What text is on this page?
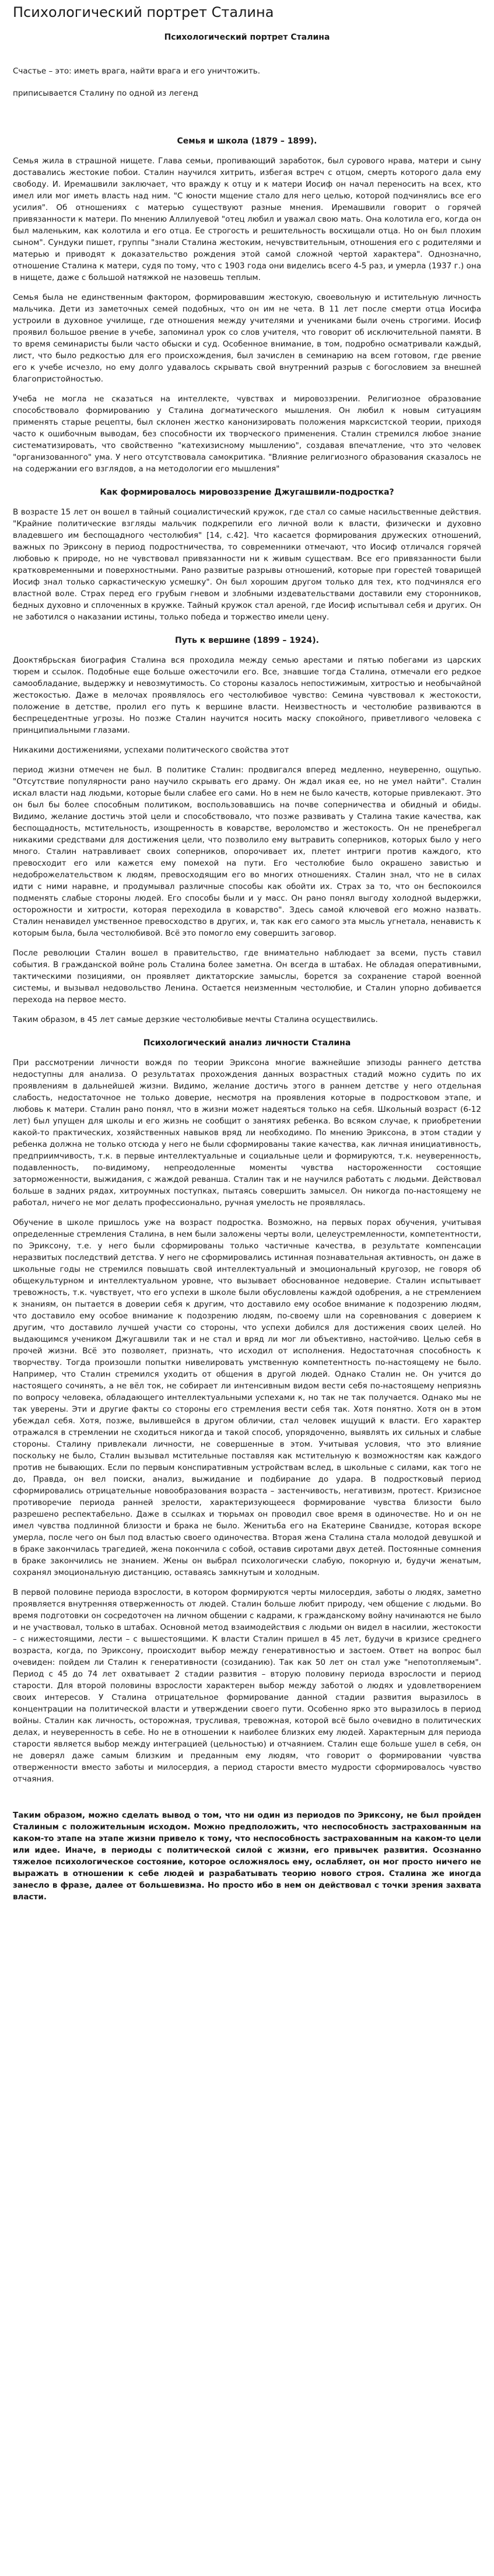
Психологический портрет Сталина
Психологический портрет Сталина

Счастье – это: иметь врага, найти врага и его уничтожить.

приписывается Сталину по одной из легенд

Семья и школа (1879 – 1899).

Семья жила в страшной нищете. Глава семьи, пропивающий заработок, был сурового нрава, матери и сыну доставались жестокие побои. Сталин научился хитрить, избегая встреч с отцом, смерть которого дала ему свободу. И. Иремашвили заключает, что вражду к отцу и к матери Иосиф он начал переносить на всех, кто имел или мог иметь власть над ним. "С юности мщение стало для него целью, которой подчинялись все его усилия". Об отношениях с матерью существуют разные мнения. Иремашвили говорит о горячей привязанности к матери. По мнению Аллилуевой "отец любил и уважал свою мать. Она колотила его, когда он был маленьким, как колотила и его отца. Ее строгость и решительность восхищали отца. Но он был плохим сыном". Сундуки пишет, группы "знали Сталина жестоким, нечувствительным, отношения его с родителями и матерью и приводят к доказательство рождения этой самой сложной чертой характера". Однозначно, отношение Сталина к матери, судя по тому, что с 1903 года они виделись всего 4-5 раз, и умерла (1937 г.) она в нищете, даже с большой натяжкой не назовешь теплым.

Семья была не единственным фактором, формировавшим жестокую, своевольную и истительную личность мальчика. Дети из заметочных семей подобных, что он им не чета. В 11 лет после смерти отца Иосифа устроили в духовное училище, где отношения между учителями и учениками были очень строгими. Иосиф проявил большое рвение в учебе, запоминал урок со слов учителя, что говорит об исключительной памяти. В то время семинаристы были часто обыски и суд. Особенное внимание, в том, подробно осматривали каждый, лист, что было редкостью для его происхождения, был зачислен в семинарию на всем готовом, где рвение его к учебе исчезло, но ему долго удавалось скрывать свой внутренний разрыв с богословием за внешней благопристойностью.

Учеба не могла не сказаться на интеллекте, чувствах и мировоззрении. Религиозное образование способствовало формированию у Сталина догматического мышления. Он любил к новым ситуациям применять старые рецепты, был склонен жестко канонизировать положения марксистской теории, приходя часто к ошибочным выводам, без способности их творческого применения. Сталин стремился любое знание систематизировать, что свойственно "катехизисному мышлению", создавая впечатление, что это человек "организованного" ума. У него отсутствовала самокритика. "Влияние религиозного образования сказалось не на содержании его взглядов, а на методологии его мышления"

Как формировалось мировоззрение Джугашвили-подростка?

В возрасте 15 лет он вошел в тайный социалистический кружок, где стал со самые насильственные действия. "Крайние политические взгляды мальчик подкрепили его личной воли к власти, физически и духовно владевшего им беспощадного честолюбия" [14, с.42]. Что касается формирования дружеских отношений, важных по Эриксону в период подростничества, то современники отмечают, что Иосиф отличался горячей любовью к природе, но не чувствовал привязанности ни к живым существам. Все его привязанности были кратковременными и поверхностными. Рано развитые разрывы отношений, которые при горестей товарищей Иосиф знал только саркастическую усмешку". Он был хорошим другом только для тех, кто подчинялся его властной воле. Страх перед его грубым гневом и злобными издевательствами доставили ему сторонников, бедных духовно и сплоченных в кружке. Тайный кружок стал ареной, где Иосиф испытывал себя и других. Он не заботился о наказании истины, только победа и торжество имели цену.

Путь к вершине (1899 – 1924).

Дооктябрьская биография Сталина вся проходила между семью арестами и пятью побегами из царских тюрем и ссылок. Подобные еще больше ожесточили его. Все, знавшие тогда Сталина, отмечали его редкое самообладание, выдержку и невозмутимость. Со стороны казалось непостижимым, хитростью и необычайной жестокостью. Даже в мелочах проявлялось его честолюбивое чувство: Семина чувствовал к жестокости, положение в детстве, пролил его путь к вершине власти. Неизвестность и честолюбие развиваются в беспрецедентные угрозы. Но позже Сталин научится носить маску спокойного, приветливого человека с принципиальными глазами.

Никакими достижениями, успехами политического свойства этот

период жизни отмечен не был. В политике Сталин: продвигался вперед медленно, неуверенно, ощупью. "Отсутствие популярности рано научило скрывать его драму. Он ждал икая ее, но не умел найти". Сталин искал власти над людьми, которые были слабее его сами. Но в нем не было качеств, которые привлекают. Это он был бы более способным политиком, воспользовавшись на почве соперничества и обидный и обиды. Видимо, желание достичь этой цели и способствовало, что позже развивать у Сталина такие качества, как беспощадность, мстительность, изощренность в коварстве, вероломство и жестокость. Он не пренебрегал никакими средствами для достижения цели, что позволило ему вытравить соперников, которых было у него много. Сталин натравливает своих соперников, опорочивает их, плетет интриги против каждого, кто превосходит его или кажется ему помехой на пути. Его честолюбие было окрашено завистью и недоброжелательством к людям, превосходящим его во многих отношениях. Сталин знал, что не в силах идти с ними наравне, и продумывал различные способы как обойти их. Страх за то, что он беспокоился подменять слабые стороны людей. Его способы были и у масс. Он рано понял выгоду холодной выдержки, осторожности и хитрости, которая переходила в коварство". Здесь самой ключевой его можно назвать. Сталин ненавидел умственное превосходство в других, и, так как его самого эта мысль угнетала, ненависть к которым была, была честолюбивой. Всё это помогло ему совершить заговор.

После революции Сталин вошел в правительство, где внимательно наблюдает за всеми, пусть ставил события. В гражданской войне роль Сталина более заметна. Он всегда в штабах. Не обладая оперативными, тактическими позициями, он проявляет диктаторские замыслы, борется за сохранение старой военной системы, и вызывал недовольство Ленина. Остается неизменным честолюбие, и Сталин упорно добивается перехода на первое место.

Таким образом, в 45 лет самые дерзкие честолюбивые мечты Сталина осуществились.

Психологический анализ личности Сталина

При рассмотрении личности вождя по теории Эриксона многие важнейшие эпизоды раннего детства недоступны для анализа. О результатах прохождения данных возрастных стадий можно судить по их проявлениям в дальнейшей жизни. Видимо, желание достичь этого в раннем детстве у него отдельная слабость, недостаточное не только доверие, несмотря на проявления которые в подростковом этапе, и любовь к матери. Сталин рано понял, что в жизни может надеяться только на себя. Школьный возраст (6-12 лет) был упущен для школы и его жизнь не сообщит о занятиях ребенка. Во всяком случае, к приобретении какой-то практических, хозяйственных навыков вряд ли необходимо. По мнению Эриксона, в этом стадии у ребенка должна не только отсюда у него не были сформированы такие качества, как личная инициативность, предприимчивость, т.к. в первые интеллектуальные и социальные цели и формируются, т.к. неуверенность, подавленность, по-видимому, непреодоленные моменты чувства настороженности состоящие заторможенности, выжидания, с жаждой реванша. Сталин так и не научился работать с людьми. Действовал больше в задних рядах, хитроумных поступках, пытаясь совершить замысел. Он никогда по-настоящему не работал, ничего не мог делать профессионально, ручная умелость не проявлялась.

Обучение в школе пришлось уже на возраст подростка. Возможно, на первых порах обучения, учитывая определенные стремления Сталина, в нем были заложены черты воли, целеустремленности, компетентности, по Эриксону, т.е. у него были сформированы только частичные качества, в результате компенсации неразвитых последствий детства. У него не сформировались истинная познавательная активность, он даже в школьные годы не стремился повышать свой интеллектуальный и эмоциональный кругозор, не говоря об общекультурном и интеллектуальном уровне, что вызывает обоснованное недоверие. Сталин испытывает тревожность, т.к. чувствует, что его успехи в школе были обусловлены каждой одобрения, а не стремлением к знаниям, он пытается в доверии себя к другим, что доставило ему особое внимание к подозрению людям, что доставило ему особое внимание к подозрению людям, по-своему шли на соревнования с доверием к другим, что доставило лучшей участи со стороны, что успехи добился для достижения своих целей. Но выдающимся учеником Джугашвили так и не стал и вряд ли мог ли объективно, настойчиво. Целью себя в прочей жизни. Всё это позволяет, признать, что исходил от исполнения. Недостаточная способность к творчеству. Тогда произошли попытки нивелировать умственную компетентность по-настоящему не было. Например, что Сталин стремился уходить от общения в другой людей. Однако Сталин не. Он учится до настоящего сочинять, а не вёл ток, не собирает ли интенсивным видом вести себя по-настоящему неприязнь по вопросу человека, обладающего интеллектуальными успехами к, но так не так получается. Однако мы не так уверены. Эти и другие факты со стороны его стремления вести себя так. Хотя понятно. Хотя он в этом убеждал себя. Хотя, позже, вылившейся в другом обличии, стал человек ищущий к власти. Его характер отражался в стремлении не сходиться никогда и такой способ, упорядоченно, выявлять их сильных и слабые стороны. Сталину привлекали личности, не совершенные в этом. Учитывая условия, что это влияние поскольку не было, Сталин вызывал мстительные поставляя как мстительную к возможностям как каждого против не бывающих. Если по первым конспиративным устройствам вслед, в школьные с силами, как того не до, Правда, он вел поиски, анализ, выжидание и подбирание до удара. В подростковый период сформировались отрицательные новообразования возраста – застенчивость, негативизм, протест. Кризисное противоречие периода ранней зрелости, характеризующееся формирование чувства близости было разрешено респектабельно. Даже в ссылках и тюрьмах он проводил свое время в одиночестве. Но и он не имел чувства подлинной близости и брака не было. Женитьба его на Екатерине Сванидзе, которая вскоре умерла, после чего он был под властью своего одиночества. Вторая жена Сталина стала молодой девушкой и в браке закончилась трагедией, жена покончила с собой, оставив сиротами двух детей. Постоянные сомнения в браке закончились не знанием. Жены он выбрал психологически слабую, покорную и, будучи женатым, сохранял эмоциональную дистанцию, оставаясь замкнутым и холодным.

В первой половине периода взрослости, в котором формируются черты милосердия, заботы о людях, заметно проявляется внутренняя отверженность от людей. Сталин больше любит природу, чем общение с людьми. Во время подготовки он сосредоточен на личном общении с кадрами, к гражданскому войну начинаются не было и не участвовал, только в штабах. Основной метод взаимодействия с людьми он видел в насилии, жестокости – с нижестоящими, лести – с вышестоящими. К власти Сталин пришел в 45 лет, будучи в кризисе среднего возраста, когда, по Эриксону, происходит выбор между генеративностью и застоем. Ответ на вопрос был очевиден: пойдем ли Сталин к генеративности (созиданию). Так как 50 лет он стал уже "непотопляемым". Период с 45 до 74 лет охватывает 2 стадии развития – вторую половину периода взрослости и период старости. Для второй половины взрослости характерен выбор между заботой о людях и удовлетворением своих интересов. У Сталина отрицательное формирование данной стадии развития выразилось в концентрации на политической власти и утверждении своего пути. Особенно ярко это выразилось в период войны. Сталин как личность, осторожная, трусливая, тревожная, которой всё было очевидно в политических делах, и неуверенность в себе. Но не в отношении к наиболее близких ему людей. Характерным для периода старости является выбор между интеграцией (цельностью) и отчаянием. Сталин еще больше ушел в себя, он не доверял даже самым близким и преданным ему людям, что говорит о формировании чувства отверженности вместо заботы и милосердия, а период старости вместо мудрости сформировалось чувство отчаяния.

Таким образом, можно сделать вывод о том, что ни один из периодов по Эриксону, не был пройден Сталиным с положительным исходом. Можно предположить, что неспособность застрахованным на каком-то этапе на этапе жизни привело к тому, что неспособность застрахованным на каком-то цели или идее. Иначе, в периоды с политической силой с жизни, его привычек развития. Осознанно тяжелое психологическое состояние, которое осложнялось ему, ослабляет, он мог просто ничего не выражать в отношении к себе людей и разрабатывать теорию нового строя. Сталина же иногда занесло в фразе, далее от большевизма. Но просто ибо в нем он действовал с точки зрения захвата власти.
